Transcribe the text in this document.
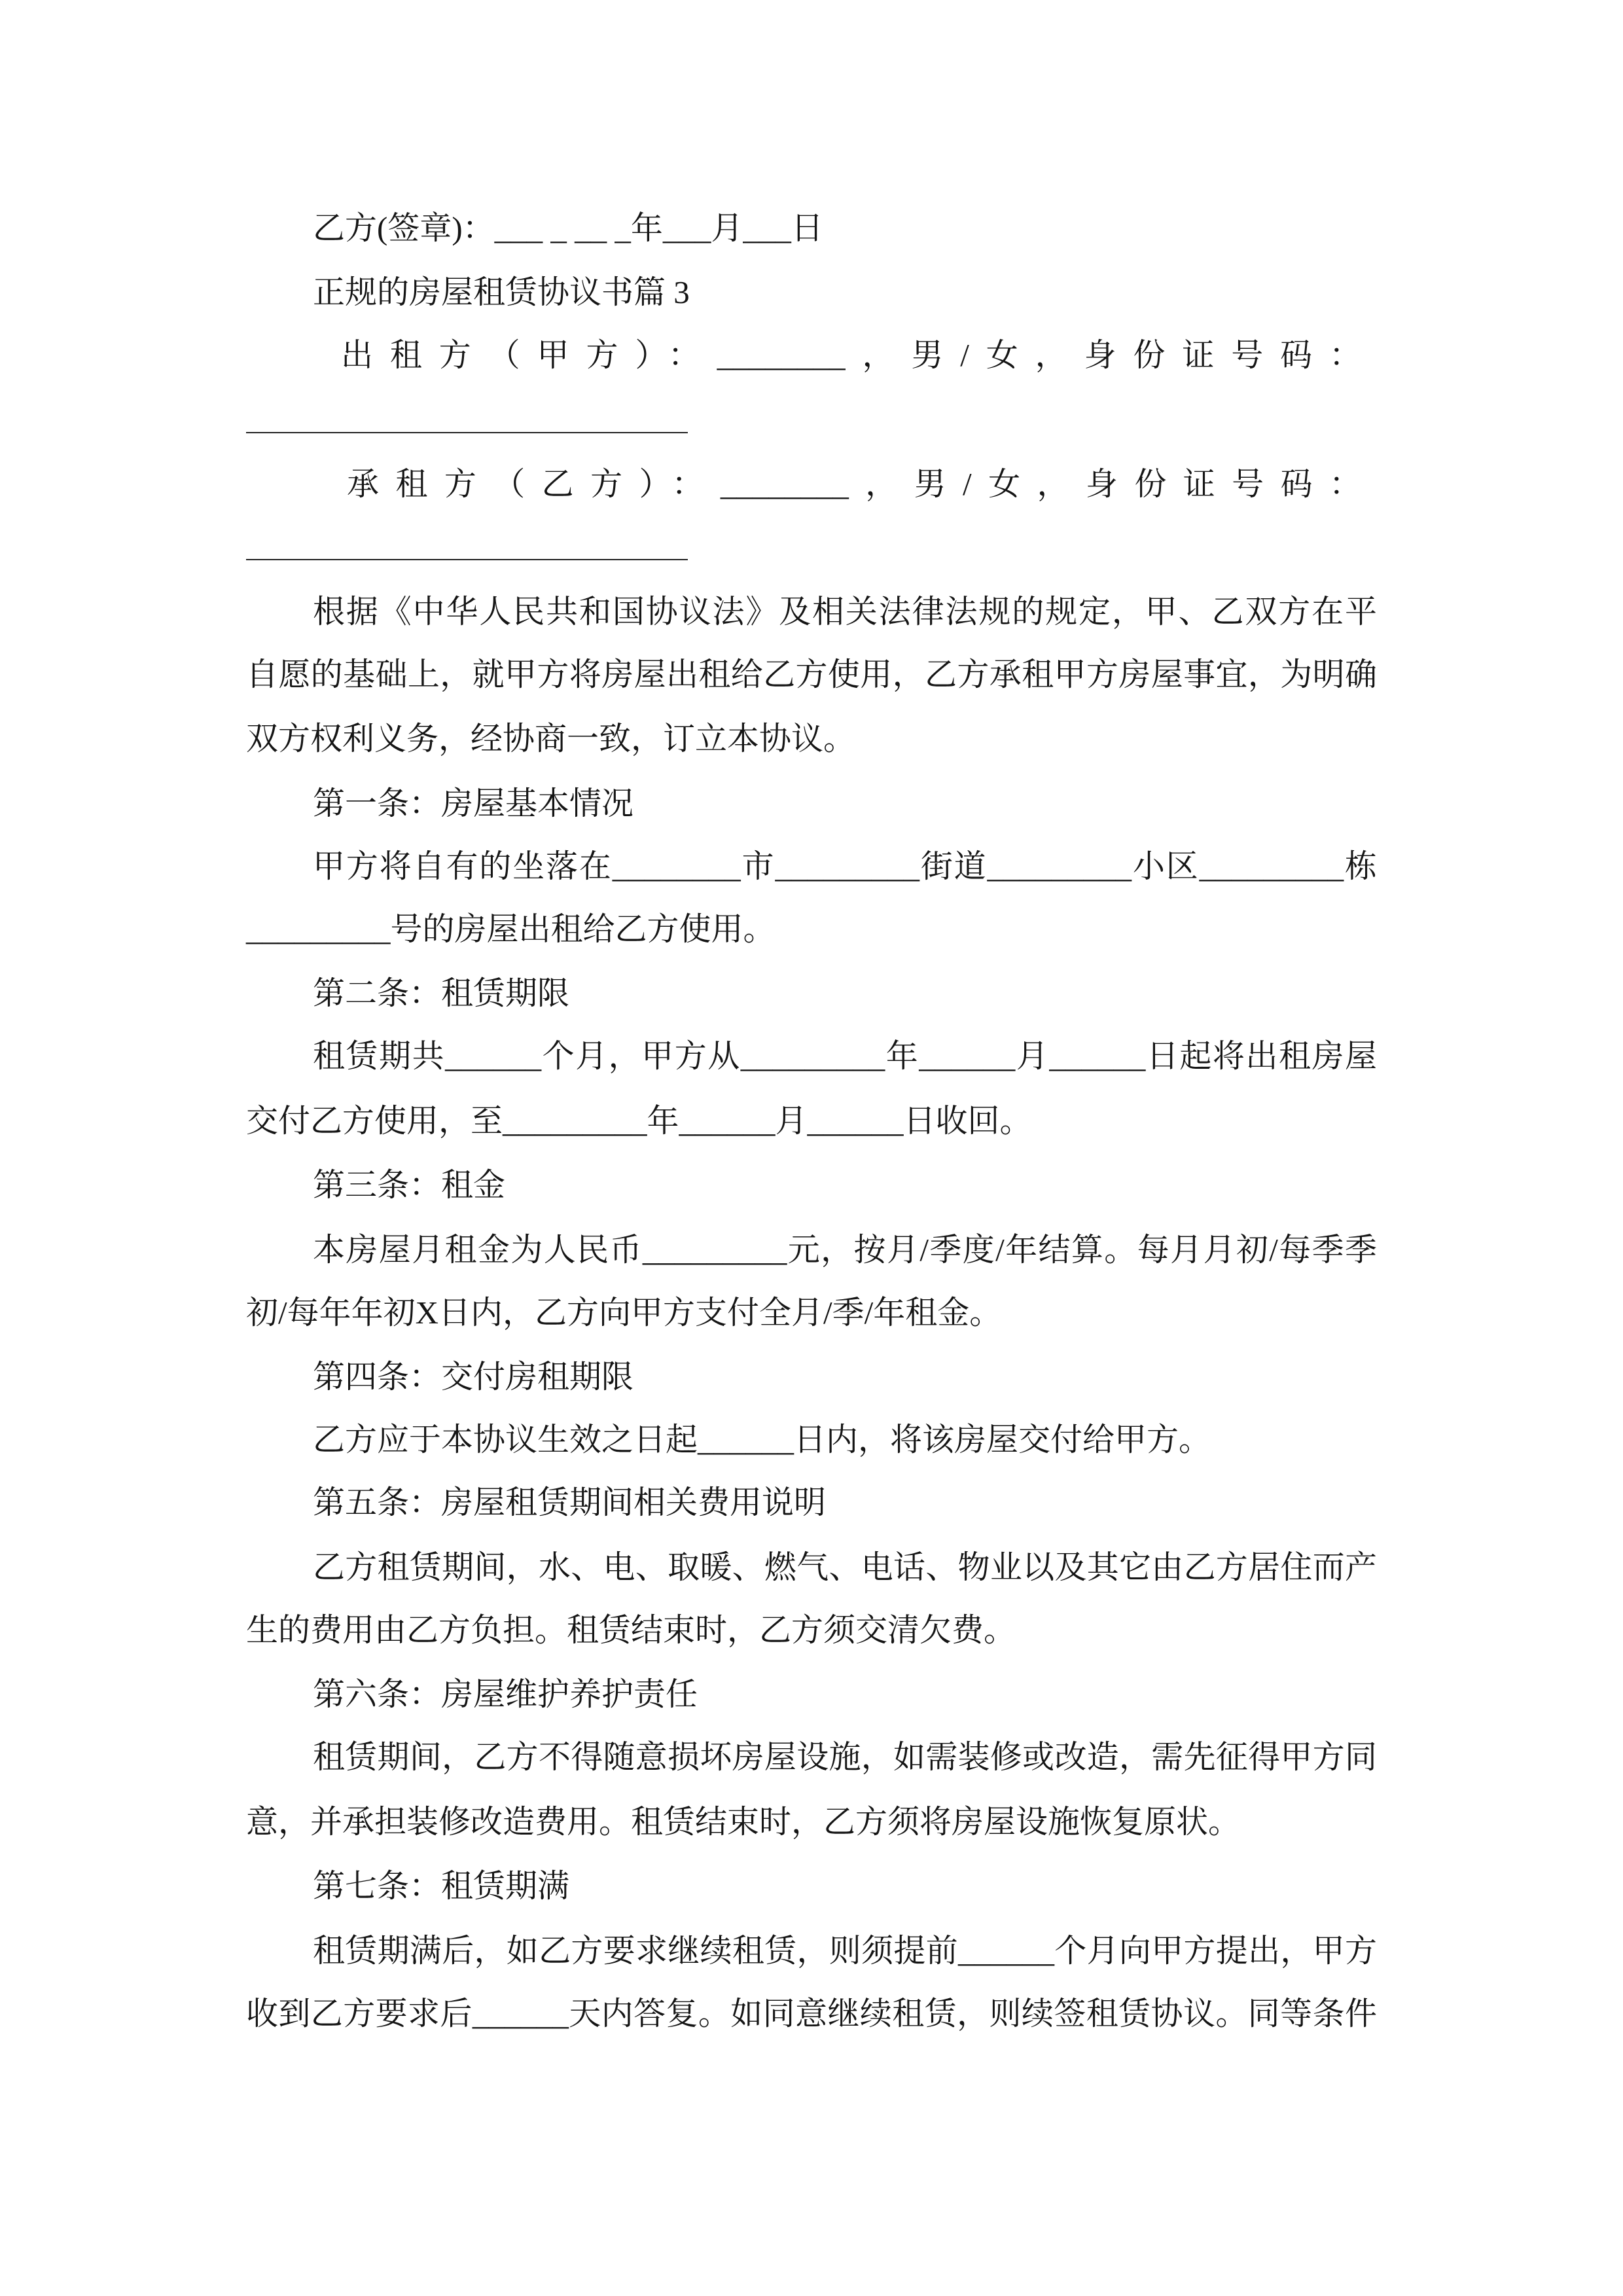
乙方(签章)：___ _ __ _年___月___日
正规的房屋租赁协议书篇 3
出租方（甲方）：________，男/女，身份证号码：
承租方（乙方）：________，男/女，身份证号码：
根据《中华人民共和国协议法》及相关法律法规的规定，甲、乙双方在平
自愿的基础上，就甲方将房屋出租给乙方使用，乙方承租甲方房屋事宜，为明确
双方权利义务，经协商一致，订立本协议。
第一条：房屋基本情况
甲方将自有的坐落在________市_________街道_________小区_________栋
_________号的房屋出租给乙方使用。
第二条：租赁期限
租赁期共______个月，甲方从_________年______月______日起将出租房屋
交付乙方使用，至_________年______月______日收回。
第三条：租金
本房屋月租金为人民币_________元，按月/季度/年结算。每月月初/每季季
初/每年年初X日内，乙方向甲方支付全月/季/年租金。
第四条：交付房租期限
乙方应于本协议生效之日起______日内，将该房屋交付给甲方。
第五条：房屋租赁期间相关费用说明
乙方租赁期间，水、电、取暖、燃气、电话、物业以及其它由乙方居住而产
生的费用由乙方负担。租赁结束时，乙方须交清欠费。
第六条：房屋维护养护责任
租赁期间，乙方不得随意损坏房屋设施，如需装修或改造，需先征得甲方同
意，并承担装修改造费用。租赁结束时，乙方须将房屋设施恢复原状。
第七条：租赁期满
租赁期满后，如乙方要求继续租赁，则须提前______个月向甲方提出，甲方
收到乙方要求后______天内答复。如同意继续租赁，则续签租赁协议。同等条件
